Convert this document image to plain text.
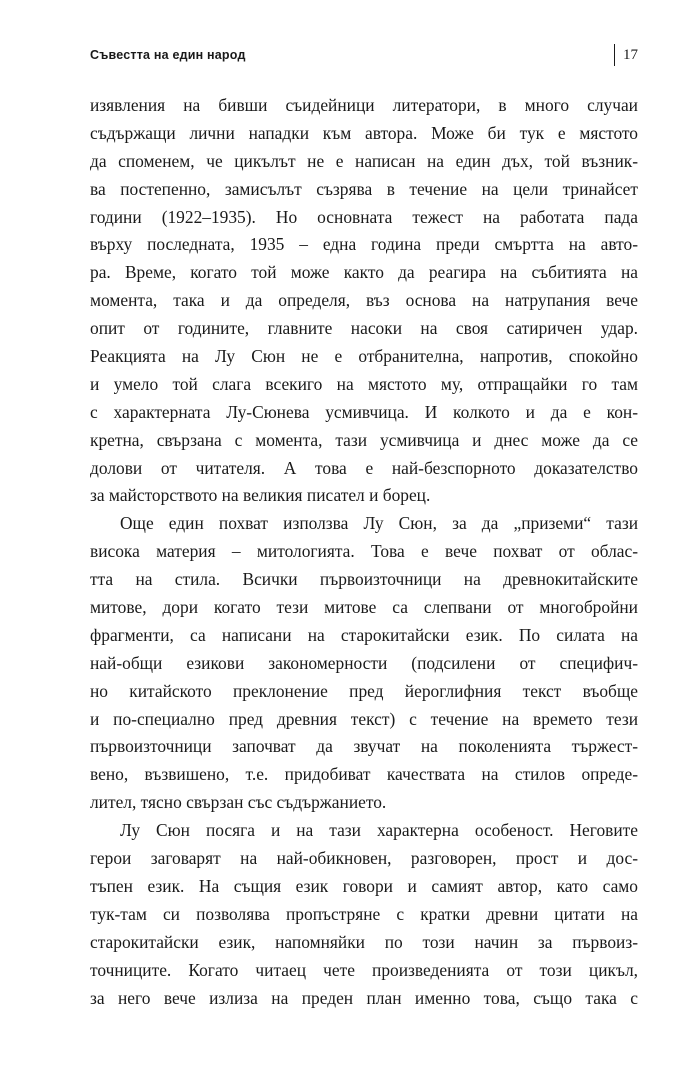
Съвестта на един народ	17

изявления на бивши съидейници литератори, в много случаи
съдържащи лични нападки към автора. Може би тук е мястото
да споменем, че цикълът не е написан на един дъх, той възник-
ва постепенно, замисълът съзрява в течение на цели тринайсет
години (1922–1935). Но основната тежест на работата пада
върху последната, 1935 – една година преди смъртта на авто-
ра. Време, когато той може както да реагира на събитията на
момента, така и да определя, въз основа на натрупания вече
опит от годините, главните насоки на своя сатиричен удар.
Реакцията на Лу Сюн не е отбранителна, напротив, спокойно
и умело той слага всекиго на мястото му, отпращайки го там
с характерната Лу-Сюнева усмивчица. И колкото и да е кон-
кретна, свързана с момента, тази усмивчица и днес може да се
долови от читателя. А това е най-безспорното доказателство
за майсторството на великия писател и борец.

Още един похват използва Лу Сюн, за да „приземи“ тази
висока материя – митологията. Това е вече похват от облас-
тта на стила. Всички първоизточници на древнокитайските
митове, дори когато тези митове са слепвани от многобройни
фрагменти, са написани на старокитайски език. По силата на
най-общи езикови закономерности (подсилени от специфич-
но китайското преклонение пред йероглифния текст въобще
и по-специално пред древния текст) с течение на времето тези
първоизточници започват да звучат на поколенията тържест-
вено, възвишено, т.е. придобиват качествата на стилов опреде-
лител, тясно свързан със съдържанието.

Лу Сюн посяга и на тази характерна особеност. Неговите
герои заговарят на най-обикновен, разговорен, прост и дос-
тъпен език. На същия език говори и самият автор, като само
тук-там си позволява пропъстряне с кратки древни цитати на
старокитайски език, напомняйки по този начин за първоиз-
точниците. Когато читаец чете произведенията от този цикъл,
за него вече излиза на преден план именно това, също така с
